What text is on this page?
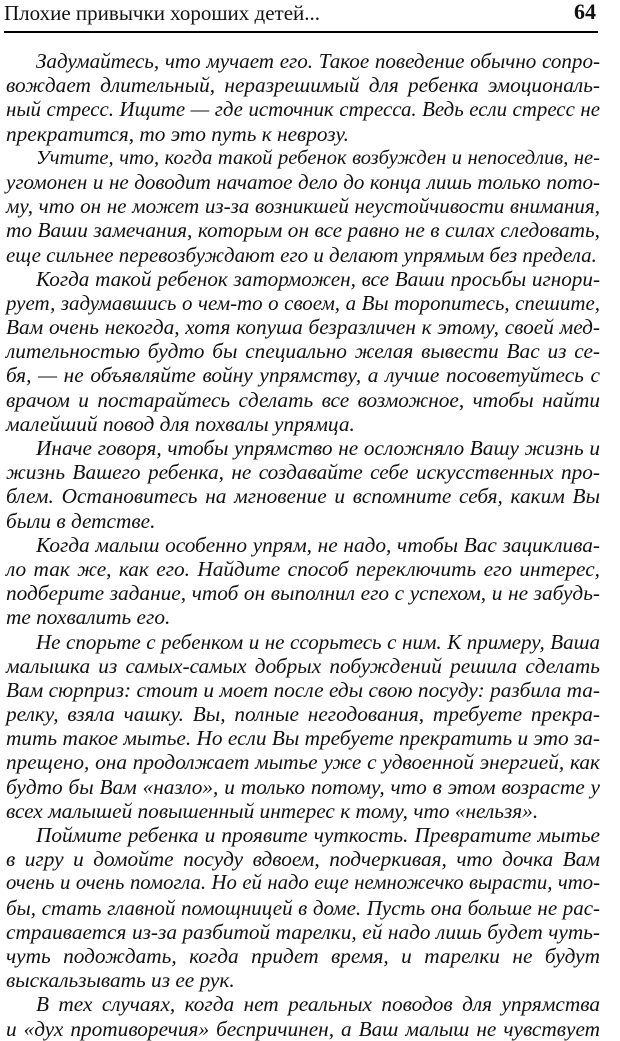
Плохие привычки хороших детей...	64
Задумайтесь, что мучает его. Такое поведение обычно сопро-
вождает длительный, неразрешимый для ребенка эмоциональ-
ный стресс. Ищите — где источник стресса. Ведь если стресс не
прекратится, то это путь к неврозу.
Учтите, что, когда такой ребенок возбужден и непоседлив, не-
угомонен и не доводит начатое дело до конца лишь только пото-
му, что он не может из-за возникшей неустойчивости внимания,
то Ваши замечания, которым он все равно не в силах следовать,
еще сильнее перевозбуждают его и делают упрямым без предела.
Когда такой ребенок заторможен, все Ваши просьбы игнори-
рует, задумавшись о чем-то о своем, а Вы торопитесь, спешите,
Вам очень некогда, хотя копуша безразличен к этому, своей мед-
лительностью будто бы специально желая вывести Вас из се-
бя, — не объявляйте войну упрямству, а лучше посоветуйтесь с
врачом и постарайтесь сделать все возможное, чтобы найти
малейший повод для похвалы упрямца.
Иначе говоря, чтобы упрямство не осложняло Вашу жизнь и
жизнь Вашего ребенка, не создавайте себе искусственных про-
блем. Остановитесь на мгновение и вспомните себя, каким Вы
были в детстве.
Когда малыш особенно упрям, не надо, чтобы Вас зациклива-
ло так же, как его. Найдите способ переключить его интерес,
подберите задание, чтоб он выполнил его с успехом, и не забудь-
те похвалить его.
Не спорьте с ребенком и не ссорьтесь с ним. К примеру, Ваша
малышка из самых-самых добрых побуждений решила сделать
Вам сюрприз: стоит и моет после еды свою посуду: разбила та-
релку, взяла чашку. Вы, полные негодования, требуете прекра-
тить такое мытье. Но если Вы требуете прекратить и это за-
прещено, она продолжает мытье уже с удвоенной энергией, как
будто бы Вам «назло», и только потому, что в этом возрасте у
всех малышей повышенный интерес к тому, что «нельзя».
Поймите ребенка и проявите чуткость. Превратите мытье
в игру и домойте посуду вдвоем, подчеркивая, что дочка Вам
очень и очень помогла. Но ей надо еще немножечко вырасти, что-
бы, стать главной помощницей в доме. Пусть она больше не рас-
страивается из-за разбитой тарелки, ей надо лишь будет чуть-
чуть подождать, когда придет время, и тарелки не будут
выскальзывать из ее рук.
В тех случаях, когда нет реальных поводов для упрямства
и «дух противоречия» беспричинен, а Ваш малыш не чувствует
